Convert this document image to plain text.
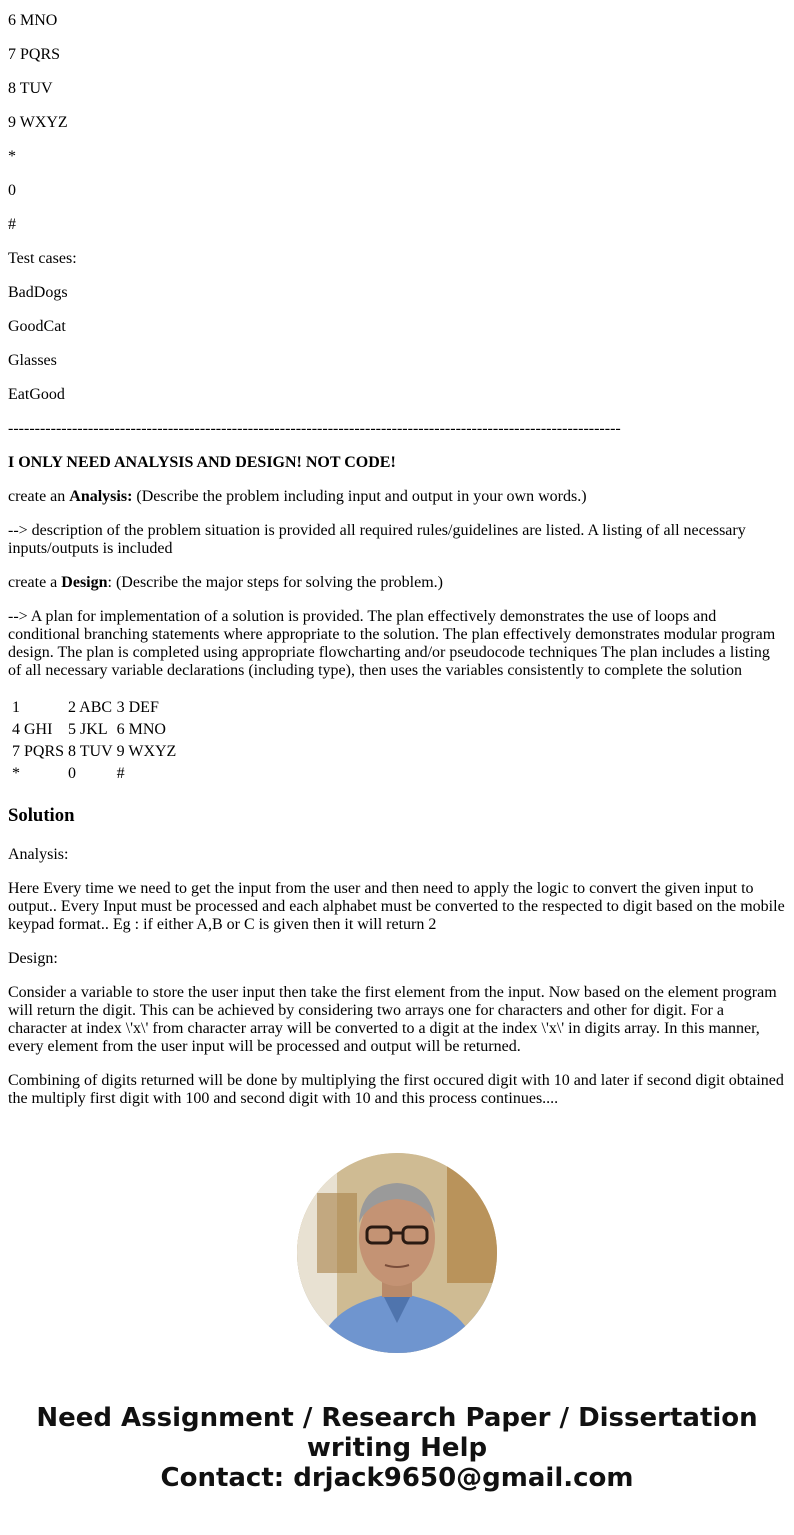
6 MNO

7 PQRS

8 TUV

9 WXYZ

*

0

#

Test cases:

BadDogs

GoodCat

Glasses

EatGood

-------------------------------------------------------------------------------------------------------------------

I ONLY NEED ANALYSIS AND DESIGN! NOT CODE!

create an Analysis: (Describe the problem including input and output in your own words.)

--> description of the problem situation is provided all required rules/guidelines are listed. A listing of all necessary inputs/outputs is included

create a Design: (Describe the major steps for solving the problem.)

--> A plan for implementation of a solution is provided. The plan effectively demonstrates the use of loops and conditional branching statements where appropriate to the solution. The plan effectively demonstrates modular program design. The plan is completed using appropriate flowcharting and/or pseudocode techniques The plan includes a listing of all necessary variable declarations (including type), then uses the variables consistently to complete the solution

1	2 ABC	3 DEF
4 GHI	5 JKL	6 MNO
7 PQRS	8 TUV	9 WXYZ
*	0	#
Solution

Analysis:

Here Every time we need to get the input from the user and then need to apply the logic to convert the given input to output.. Every Input must be processed and each alphabet must be converted to the respected to digit based on the mobile keypad format.. Eg : if either A,B or C is given then it will return 2

Design:

Consider a variable to store the user input then take the first element from the input. Now based on the element program will return the digit. This can be achieved by considering two arrays one for characters and other for digit. For a character at index \'x\' from character array will be converted to a digit at the index \'x\' in digits array. In this manner, every element from the user input will be processed and output will be returned.

Combining of digits returned will be done by multiplying the first occured digit with 10 and later if second digit obtained the multiply first digit with 100 and second digit with 10 and this process continues....

Need Assignment / Research Paper / Dissertation
writing Help
Contact: drjack9650@gmail.com
